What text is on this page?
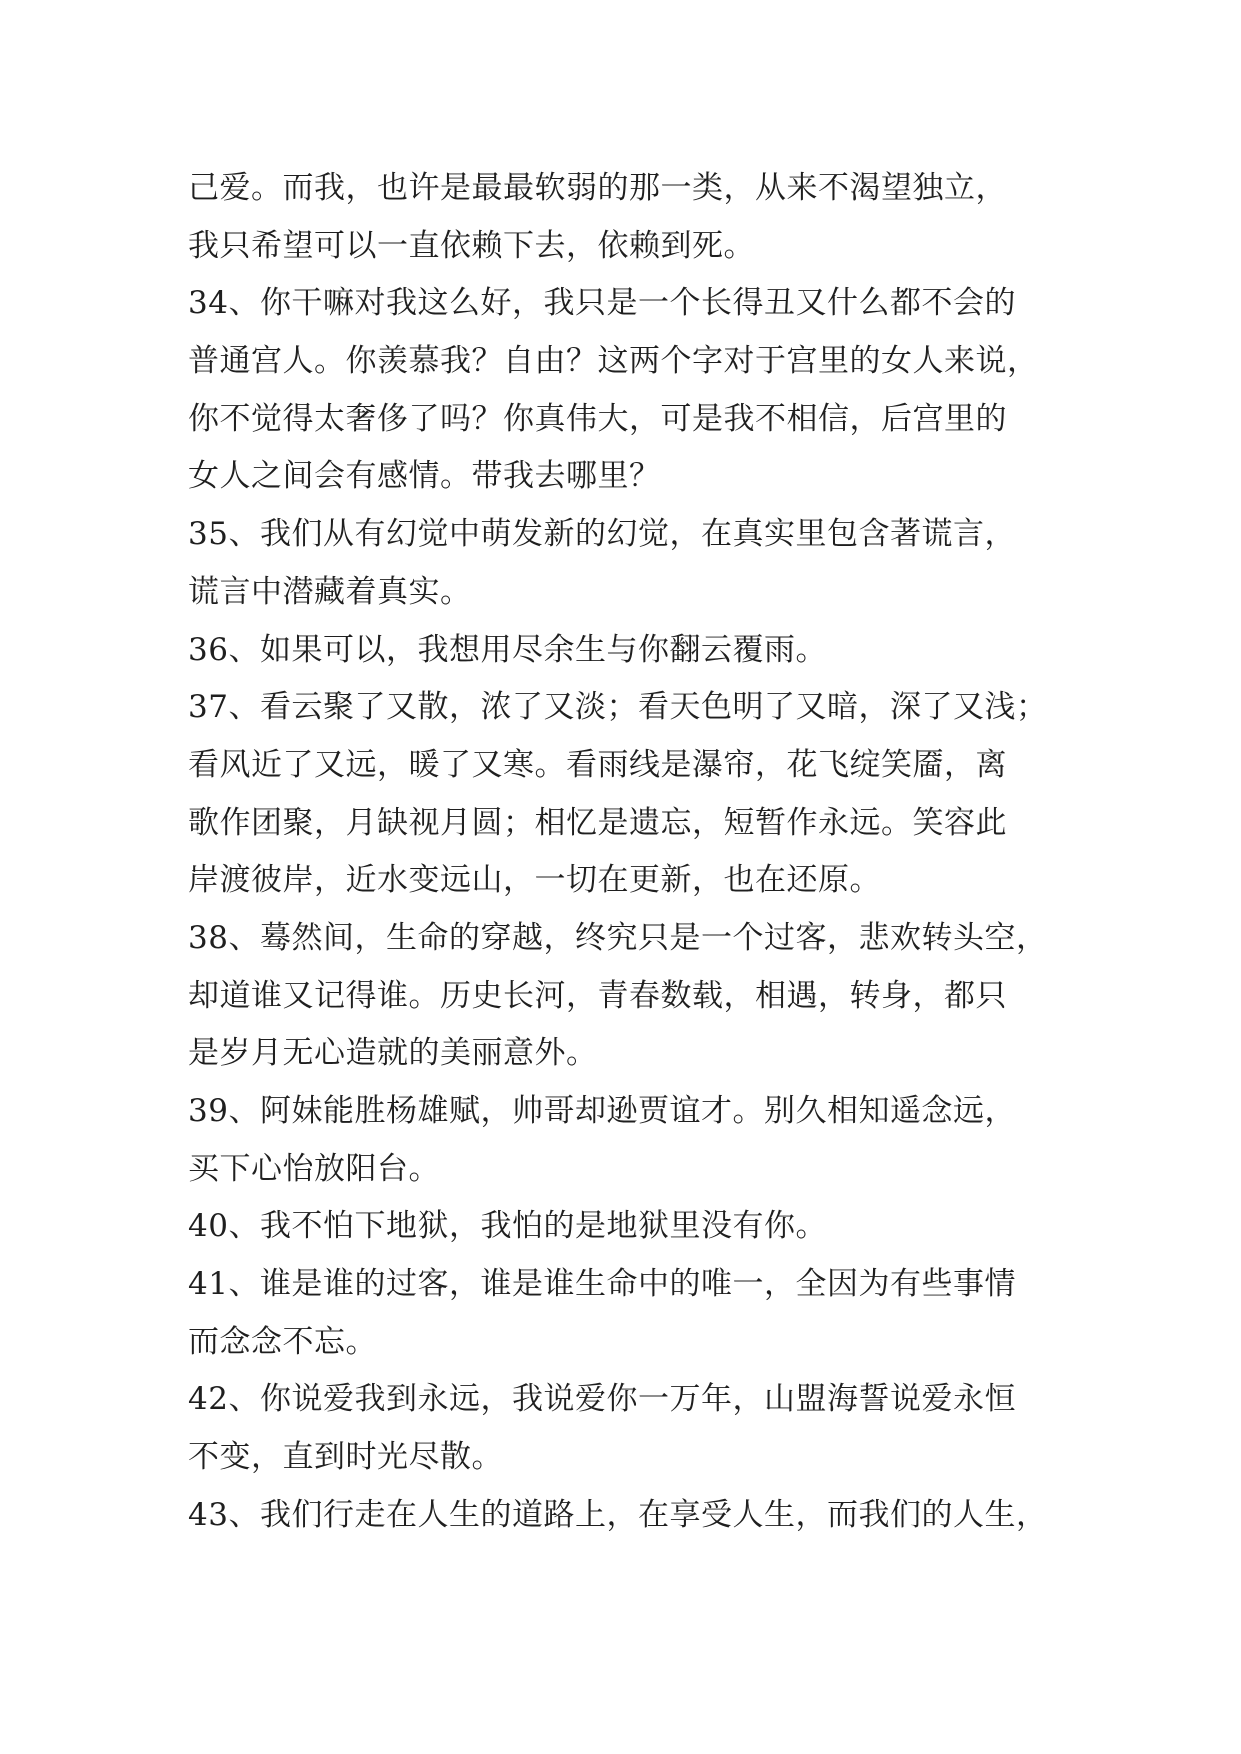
己爱。而我，也许是最最软弱的那一类，从来不渴望独立，
我只希望可以一直依赖下去，依赖到死。
34、你干嘛对我这么好，我只是一个长得丑又什么都不会的
普通宫人。你羡慕我？自由？这两个字对于宫里的女人来说，
你不觉得太奢侈了吗？你真伟大，可是我不相信，后宫里的
女人之间会有感情。带我去哪里？
35、我们从有幻觉中萌发新的幻觉，在真实里包含著谎言，
谎言中潜藏着真实。
36、如果可以，我想用尽余生与你翻云覆雨。
37、看云聚了又散，浓了又淡；看天色明了又暗，深了又浅；
看风近了又远，暖了又寒。看雨线是瀑帘，花飞绽笑靥，离
歌作团聚，月缺视月圆；相忆是遗忘，短暂作永远。笑容此
岸渡彼岸，近水变远山，一切在更新，也在还原。
38、蓦然间，生命的穿越，终究只是一个过客，悲欢转头空，
却道谁又记得谁。历史长河，青春数载，相遇，转身，都只
是岁月无心造就的美丽意外。
39、阿妹能胜杨雄赋，帅哥却逊贾谊才。别久相知遥念远，
买下心怡放阳台。
40、我不怕下地狱，我怕的是地狱里没有你。
41、谁是谁的过客，谁是谁生命中的唯一，全因为有些事情
而念念不忘。
42、你说爱我到永远，我说爱你一万年，山盟海誓说爱永恒
不变，直到时光尽散。
43、我们行走在人生的道路上，在享受人生，而我们的人生，
